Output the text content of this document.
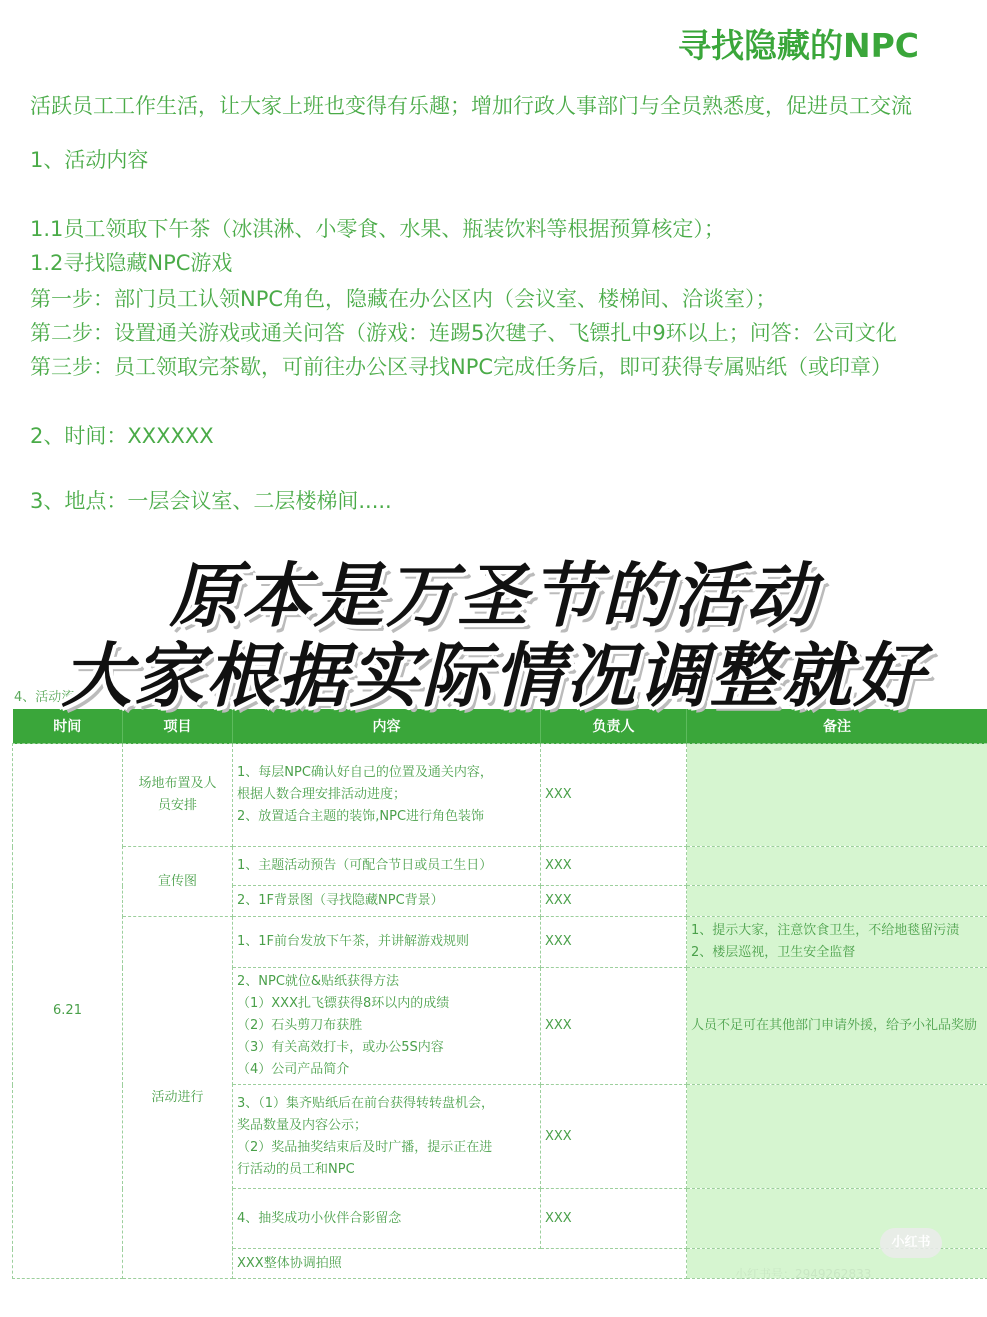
寻找隐藏的NPC
活跃员工工作生活，让大家上班也变得有乐趣；增加行政人事部门与全员熟悉度，促进员工交流
1、活动内容
1.1员工领取下午茶（冰淇淋、小零食、水果、瓶装饮料等根据预算核定）；
1.2寻找隐藏NPC游戏
第一步：部门员工认领NPC角色，隐藏在办公区内（会议室、楼梯间、洽谈室）；
第二步：设置通关游戏或通关问答（游戏：连踢5次毽子、飞镖扎中9环以上；问答：公司文化
第三步：员工领取完茶歇，可前往办公区寻找NPC完成任务后，即可获得专属贴纸（或印章）
2、时间：XXXXXX
3、地点：一层会议室、二层楼梯间.....
4、活动流
时间	项目	内容	负责人	备注
6.21	场地布置及人员安排	1、每层NPC确认好自己的位置及通关内容，
根据人数合理安排活动进度；
2、放置适合主题的装饰,NPC进行角色装饰	XXX	
	宣传图	1、主题活动预告（可配合节日或员工生日）	XXX	
		2、1F背景图（寻找隐藏NPC背景）	XXX	
	活动进行	1、1F前台发放下午茶，并讲解游戏规则	XXX	1、提示大家，注意饮食卫生，不给地毯留污渍
2、楼层巡视，卫生安全监督

		2、NPC就位&贴纸获得方法
（1）XXX扎飞镖获得8环以内的成绩
（2）石头剪刀布获胜
（3）有关高效打卡，或办公5S内容
（4）公司产品简介	XXX	人员不足可在其他部门申请外援，给予小礼品奖励

		3、（1）集齐贴纸后在前台获得转转盘机会，
奖品数量及内容公示；
（2）奖品抽奖结束后及时广播，提示正在进
行活动的员工和NPC	XXX	
		4、抽奖成功小伙伴合影留念	XXX	
		XXX整体协调拍照		
原本是万圣节的活动
大家根据实际情况调整就好
小红书
小红书号：2949262833
